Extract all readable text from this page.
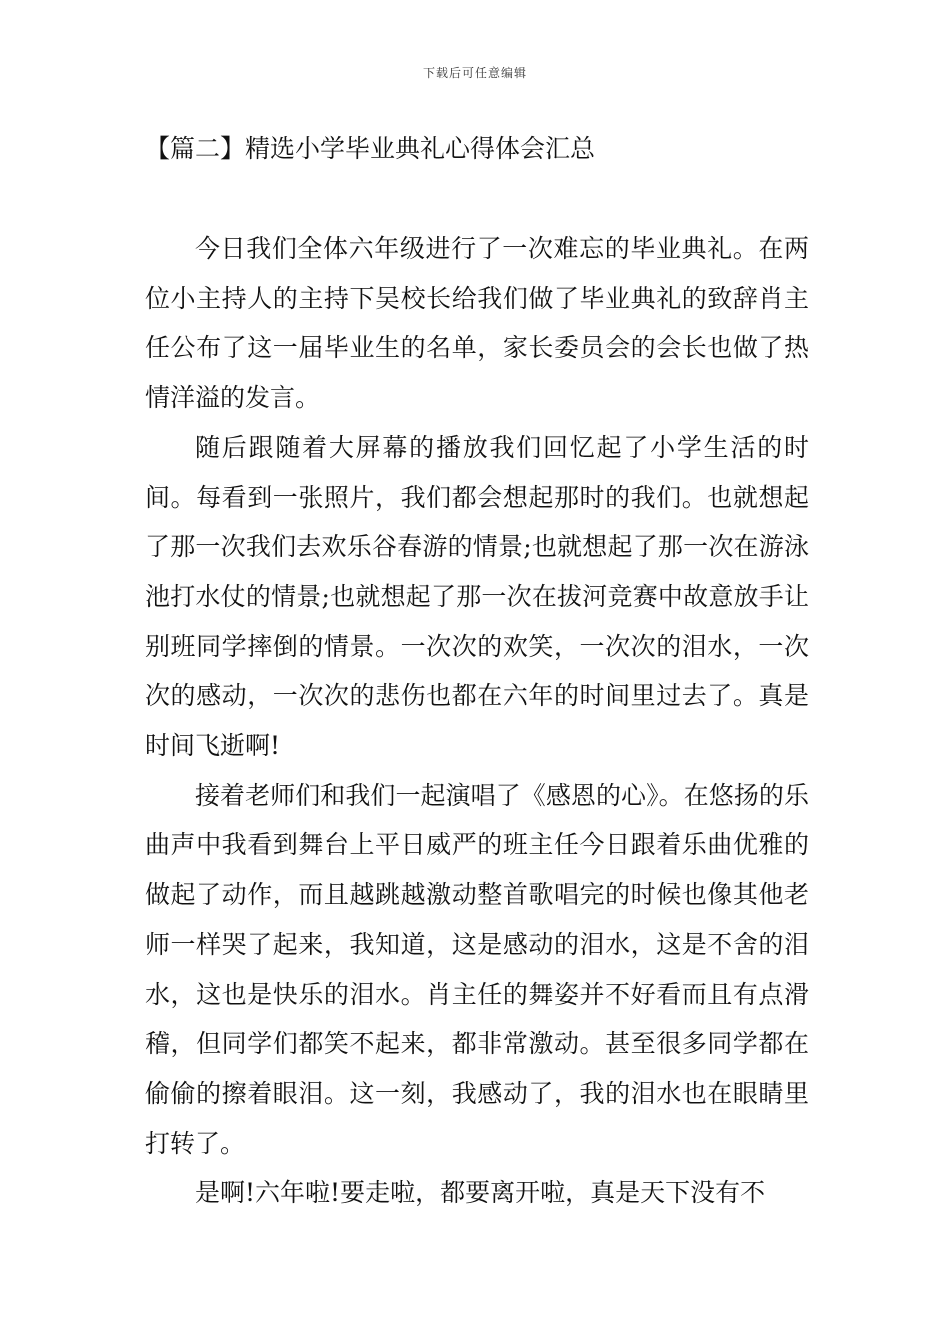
下载后可任意编辑
【篇二】精选小学毕业典礼心得体会汇总

今日我们全体六年级进行了一次难忘的毕业典礼。在两位小主持人的主持下吴校长给我们做了毕业典礼的致辞肖主任公布了这一届毕业生的名单，家长委员会的会长也做了热情洋溢的发言。

随后跟随着大屏幕的播放我们回忆起了小学生活的时间。每看到一张照片，我们都会想起那时的我们。也就想起了那一次我们去欢乐谷春游的情景;也就想起了那一次在游泳池打水仗的情景;也就想起了那一次在拔河竞赛中故意放手让别班同学摔倒的情景。一次次的欢笑，一次次的泪水，一次次的感动，一次次的悲伤也都在六年的时间里过去了。真是时间飞逝啊!

接着老师们和我们一起演唱了《感恩的心》。在悠扬的乐曲声中我看到舞台上平日威严的班主任今日跟着乐曲优雅的做起了动作，而且越跳越激动整首歌唱完的时候也像其他老师一样哭了起来，我知道，这是感动的泪水，这是不舍的泪水，这也是快乐的泪水。肖主任的舞姿并不好看而且有点滑稽，但同学们都笑不起来，都非常激动。甚至很多同学都在偷偷的擦着眼泪。这一刻，我感动了，我的泪水也在眼睛里打转了。

是啊!六年啦!要走啦，都要离开啦，真是天下没有不
